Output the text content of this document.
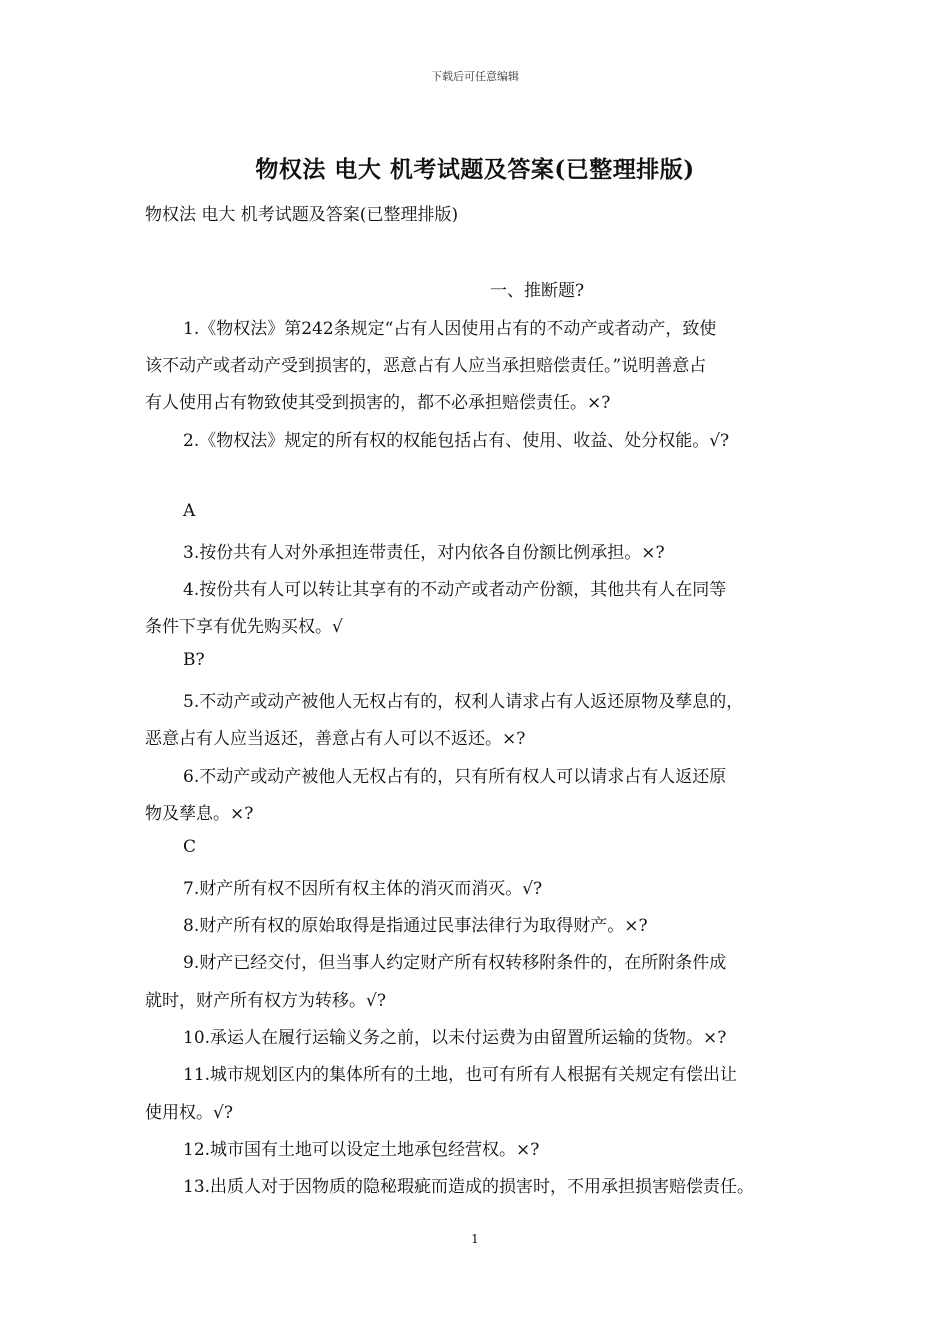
下载后可任意编辑
物权法 电大 机考试题及答案(已整理排版)
物权法 电大 机考试题及答案(已整理排版)
一、推断题?
1.《物权法》第242条规定“占有人因使用占有的不动产或者动产，致使
该不动产或者动产受到损害的，恶意占有人应当承担赔偿责任。”说明善意占
有人使用占有物致使其受到损害的，都不必承担赔偿责任。×?
2.《物权法》规定的所有权的权能包括占有、使用、收益、处分权能。√?
A
3.按份共有人对外承担连带责任，对内依各自份额比例承担。×?
4.按份共有人可以转让其享有的不动产或者动产份额，其他共有人在同等
条件下享有优先购买权。√
B?
5.不动产或动产被他人无权占有的，权利人请求占有人返还原物及孳息的，
恶意占有人应当返还，善意占有人可以不返还。×?
6.不动产或动产被他人无权占有的，只有所有权人可以请求占有人返还原
物及孳息。×?
C
7.财产所有权不因所有权主体的消灭而消灭。√?
8.财产所有权的原始取得是指通过民事法律行为取得财产。×?
9.财产已经交付，但当事人约定财产所有权转移附条件的，在所附条件成
就时，财产所有权方为转移。√?
10.承运人在履行运输义务之前，以未付运费为由留置所运输的货物。×?
11.城市规划区内的集体所有的土地，也可有所有人根据有关规定有偿出让
使用权。√?
12.城市国有土地可以设定土地承包经营权。×?
13.出质人对于因物质的隐秘瑕疵而造成的损害时，不用承担损害赔偿责任。
1
